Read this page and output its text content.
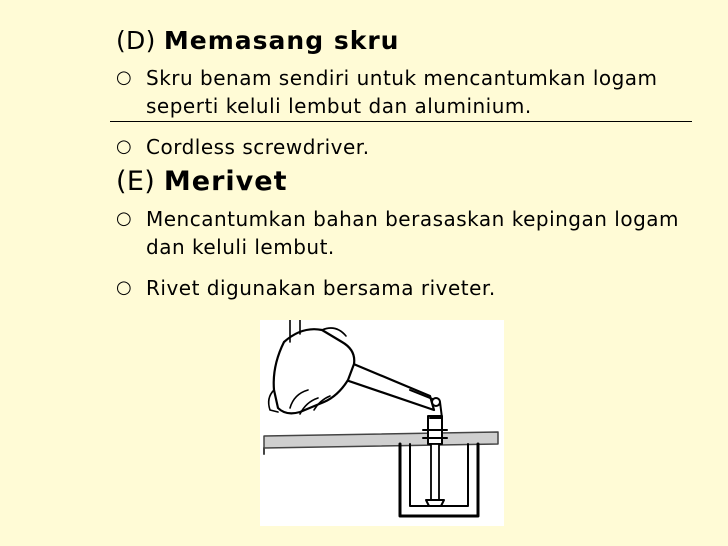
(D) Memasang skru
○ Skru benam sendiri untuk mencantumkan logam seperti keluli lembut dan aluminium.
○ Cordless screwdriver.
(E) Merivet
○ Mencantumkan bahan berasaskan kepingan logam dan keluli lembut.
○ Rivet digunakan bersama riveter.
